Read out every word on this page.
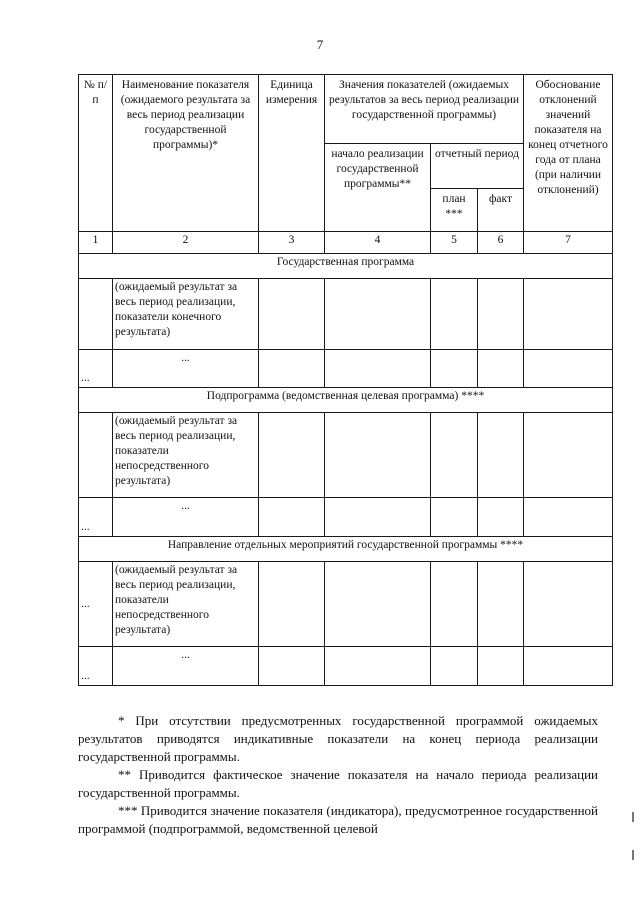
7
№ п/п	Наименование показателя (ожидаемого результата за весь период реализации государственной программы)*	Единица измерения	Значения показателей (ожидаемых результатов за весь период реализации государственной программы)			Обоснование отклонений значений показателя на конец отчетного года от плана (при наличии отклонений)
			начало реализации государственной программы**	отчетный период		
				план ***	факт	
1	2	3	4	5	6	7
Государственная программа						
	(ожидаемый результат за весь период реализации, показатели конечного результата)					
...	...					
Подпрограмма (ведомственная целевая программа) ****						
	(ожидаемый результат за весь период реализации, показатели непосредственного результата)					
...	...					
Направление отдельных мероприятий государственной программы ****						
...	(ожидаемый результат за весь период реализации, показатели непосредственного результата)					
...	...					

* При отсутствии предусмотренных государственной программой ожидаемых результатов приводятся индикативные показатели на конец периода реализации государственной программы.

** Приводится фактическое значение показателя на начало периода реализации государственной программы.

*** Приводится значение показателя (индикатора), предусмотренное государственной программой (подпрограммой, ведомственной целевой
